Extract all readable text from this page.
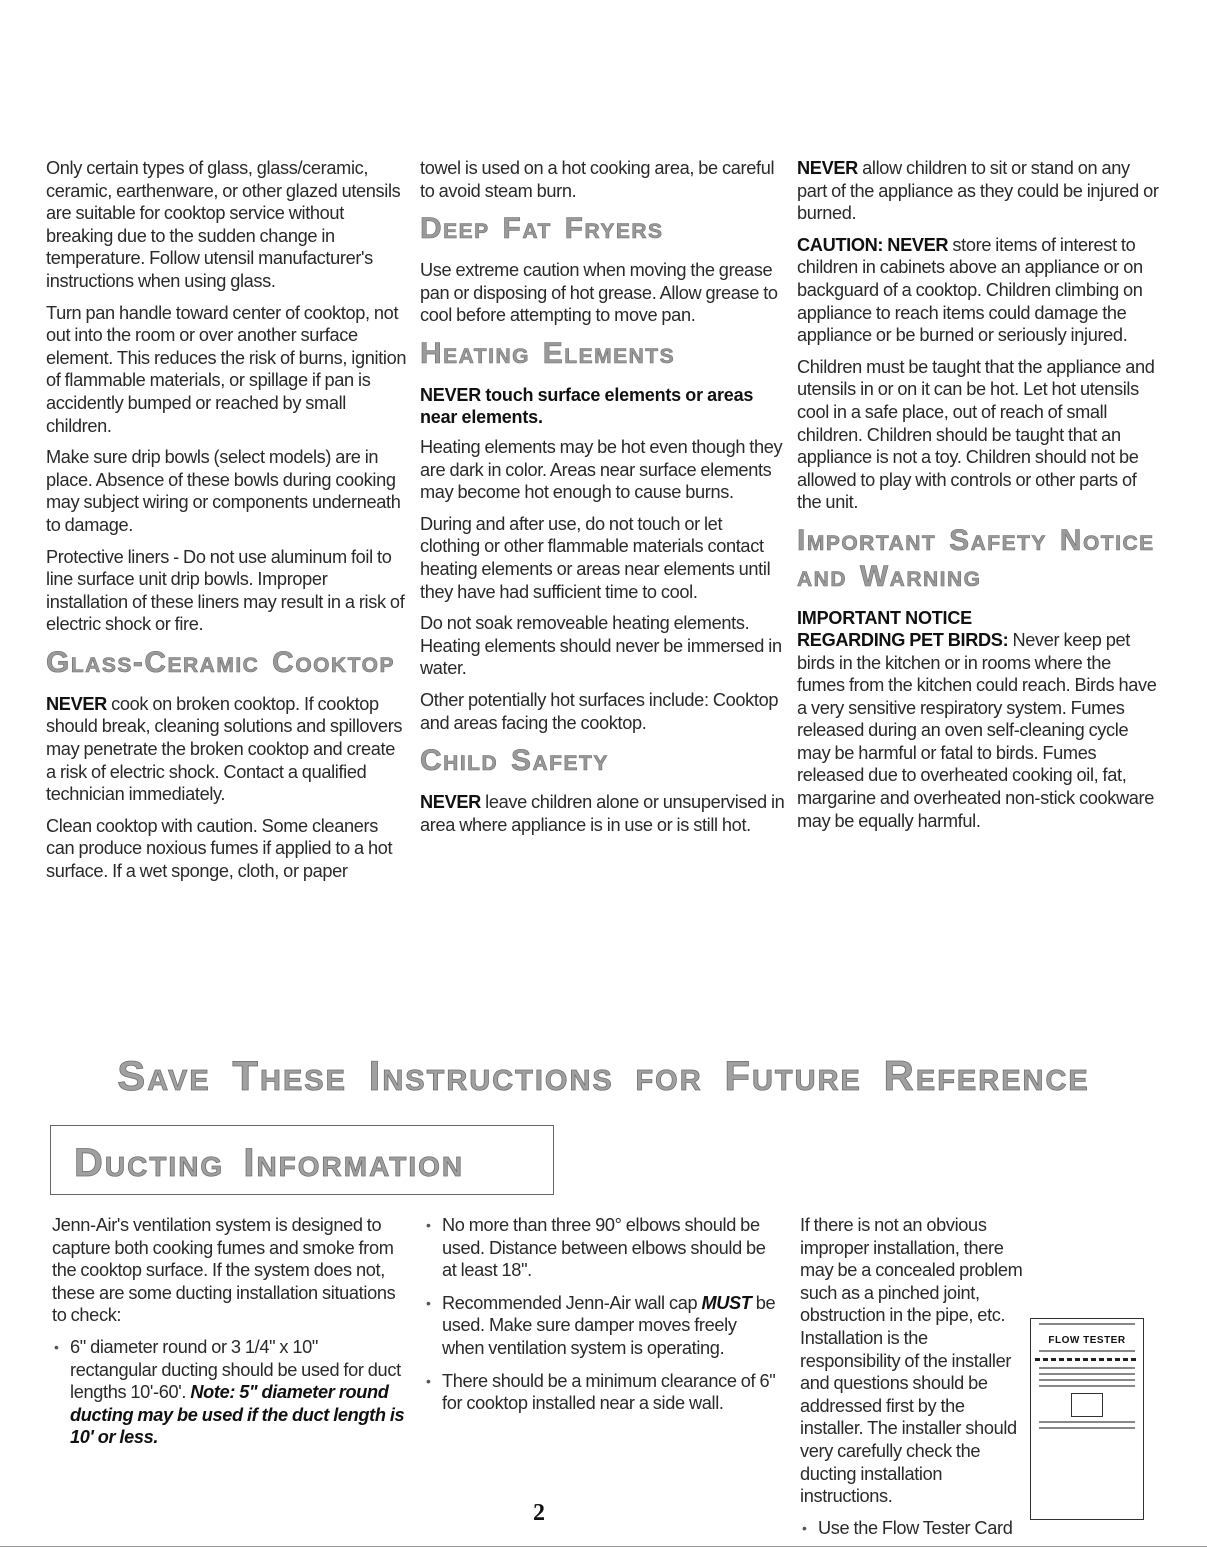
Only certain types of glass, glass/ceramic, ceramic, earthenware, or other glazed utensils are suitable for cooktop service without breaking due to the sudden change in temperature. Follow utensil manufacturer's instructions when using glass.

Turn pan handle toward center of cooktop, not out into the room or over another surface element. This reduces the risk of burns, ignition of flammable materials, or spillage if pan is accidently bumped or reached by small children.

Make sure drip bowls (select models) are in place. Absence of these bowls during cooking may subject wiring or components underneath to damage.

Protective liners - Do not use aluminum foil to line surface unit drip bowls. Improper installation of these liners may result in a risk of electric shock or fire.

Glass-Ceramic Cooktop

NEVER cook on broken cooktop. If cooktop should break, cleaning solutions and spillovers may penetrate the broken cooktop and create a risk of electric shock. Contact a qualified technician immediately.

Clean cooktop with caution. Some cleaners can produce noxious fumes if applied to a hot surface. If a wet sponge, cloth, or paper

towel is used on a hot cooking area, be careful to avoid steam burn.

Deep Fat Fryers

Use extreme caution when moving the grease pan or disposing of hot grease. Allow grease to cool before attempting to move pan.

Heating Elements
NEVER touch surface elements or areas near elements.

Heating elements may be hot even though they are dark in color. Areas near surface elements may become hot enough to cause burns.

During and after use, do not touch or let clothing or other flammable materials contact heating elements or areas near elements until they have had sufficient time to cool.

Do not soak removeable heating elements. Heating elements should never be immersed in water.

Other potentially hot surfaces include: Cooktop and areas facing the cooktop.

Child Safety

NEVER leave children alone or unsupervised in area where appliance is in use or is still hot.

NEVER allow children to sit or stand on any part of the appliance as they could be injured or burned.

CAUTION: NEVER store items of interest to children in cabinets above an appliance or on backguard of a cooktop. Children climbing on appliance to reach items could damage the appliance or be burned or seriously injured.

Children must be taught that the appliance and utensils in or on it can be hot. Let hot utensils cool in a safe place, out of reach of small children. Children should be taught that an appliance is not a toy. Children should not be allowed to play with controls or other parts of the unit.

Important Safety Notice and Warning
IMPORTANT NOTICE

REGARDING PET BIRDS: Never keep pet birds in the kitchen or in rooms where the fumes from the kitchen could reach. Birds have a very sensitive respiratory system. Fumes released during an oven self-cleaning cycle may be harmful or fatal to birds. Fumes released due to overheated cooking oil, fat, margarine and overheated non-stick cookware may be equally harmful.

Save These Instructions for Future Reference
Ducting Information

Jenn-Air's ventilation system is designed to capture both cooking fumes and smoke from the cooktop surface. If the system does not, these are some ducting installation situations to check:

• 6" diameter round or 3 1/4" x 10" rectangular ducting should be used for duct lengths 10'-60'. Note: 5" diameter round ducting may be used if the duct length is 10' or less.
• No more than three 90° elbows should be used. Distance between elbows should be at least 18".
• Recommended Jenn-Air wall cap MUST be used. Make sure damper moves freely when ventilation system is operating.
• There should be a minimum clearance of 6" for cooktop installed near a side wall.

If there is not an obvious improper installation, there may be a concealed problem such as a pinched joint, obstruction in the pipe, etc. Installation is the responsibility of the installer and questions should be addressed first by the installer. The installer should very carefully check the ducting installation instructions.

• Use the Flow Tester Card
FLOW TESTER
2
